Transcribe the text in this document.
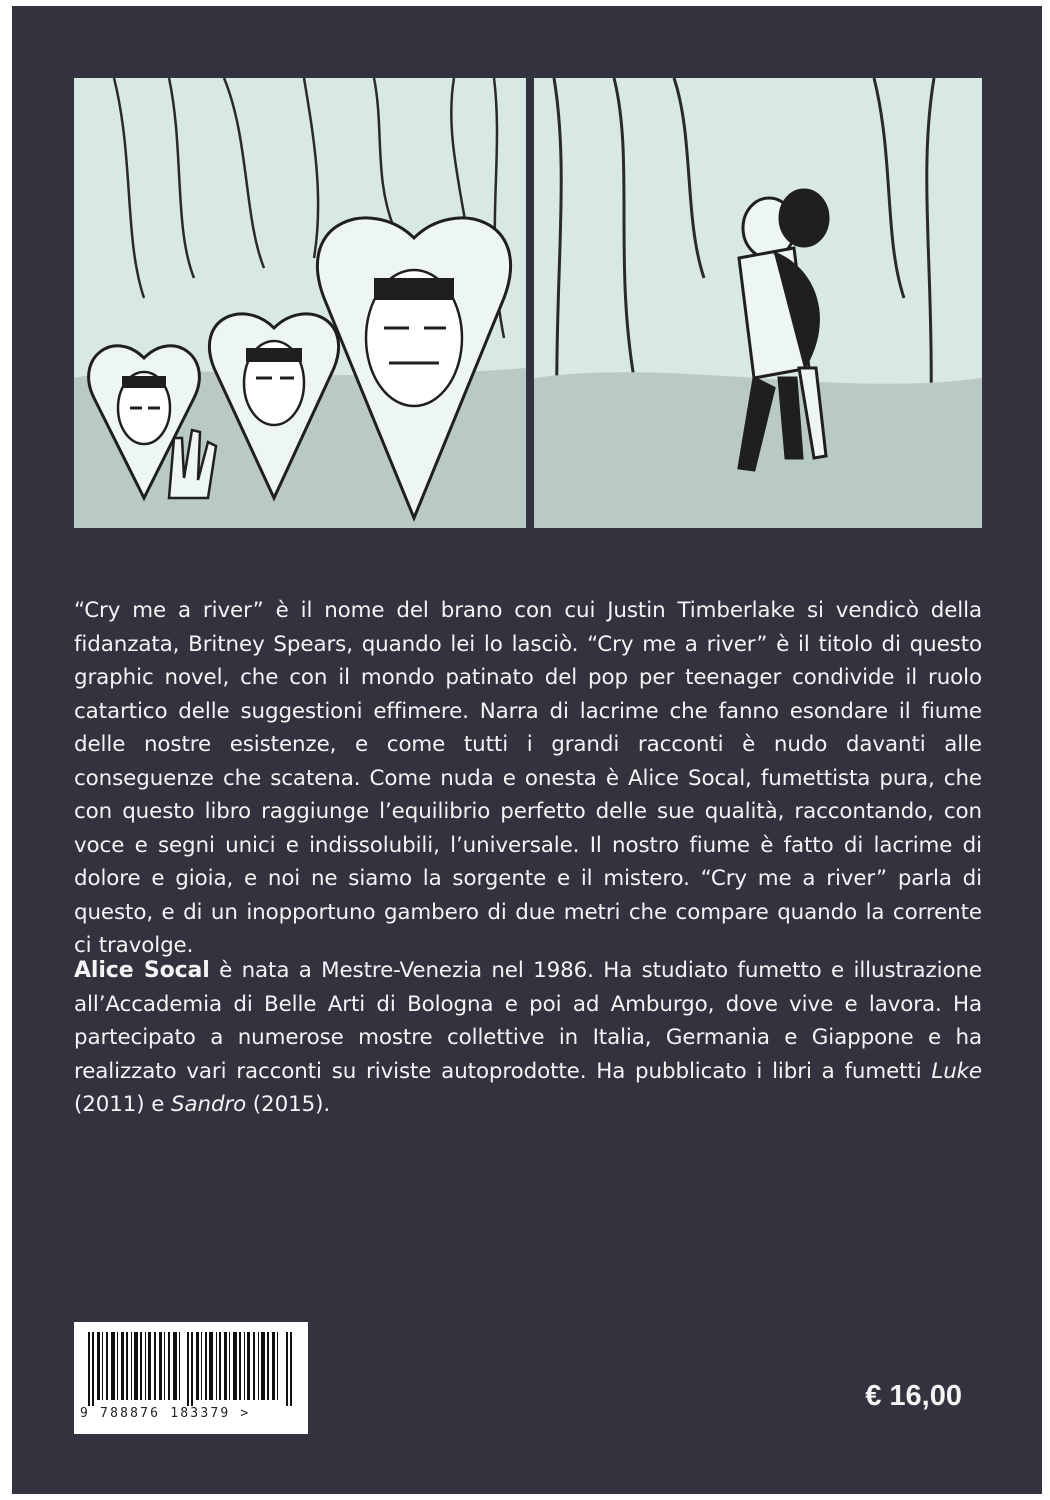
“Cry me a river” è il nome del brano con cui Justin Timberlake si vendicò della fidanzata, Britney Spears, quando lei lo lasciò. “Cry me a river” è il titolo di questo graphic novel, che con il mondo patinato del pop per teenager condivide il ruolo catartico delle suggestioni effimere. Narra di lacrime che fanno esondare il fiume delle nostre esistenze, e come tutti i grandi racconti è nudo davanti alle conseguenze che scatena. Come nuda e onesta è Alice Socal, fumettista pura, che con questo libro raggiunge l’equilibrio perfetto delle sue qualità, raccontando, con voce e segni unici e indissolubili, l’universale. Il nostro fiume è fatto di lacrime di dolore e gioia, e noi ne siamo la sorgente e il mistero. “Cry me a river” parla di questo, e di un inopportuno gambero di due metri che compare quando la corrente ci travolge.

Alice Socal è nata a Mestre-Venezia nel 1986. Ha studiato fumetto e illustrazione all’Accademia di Belle Arti di Bologna e poi ad Amburgo, dove vive e lavora. Ha partecipato a numerose mostre collettive in Italia, Germania e Giappone e ha realizzato vari racconti su riviste autoprodotte. Ha pubblicato i libri a fumetti Luke (2011) e Sandro (2015).
9 788876 183379 >
€ 16,00
